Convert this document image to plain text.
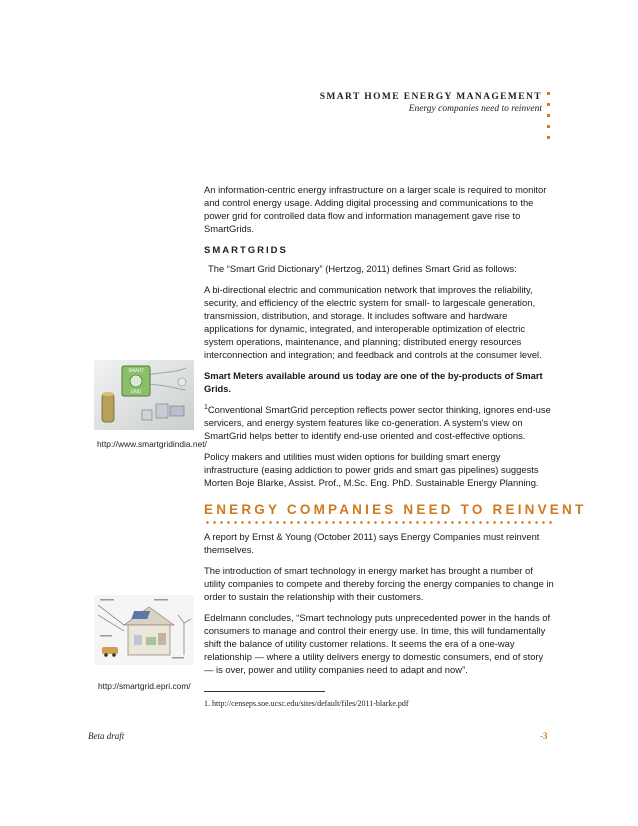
SMART HOME ENERGY MANAGEMENT
Energy companies need to reinvent

An information-centric energy infrastructure on a larger scale is required to monitor and control energy usage. Adding digital processing and communications to the power grid for controlled data flow and information management gave rise to SmartGrids.

SMARTGRIDS

The “Smart Grid Dictionary” (Hertzog, 2011) defines Smart Grid as follows:

A bi-directional electric and communication network that improves the reliability, security, and efficiency of the electric system for small- to largescale generation, transmission, distribution, and storage. It includes software and hardware applications for dynamic, integrated, and interoperable optimization of electric system operations, maintenance, and planning; distributed energy resources interconnection and integration; and feedback and controls at the consumer level.

Smart Meters available around us today are one of the by-products of Smart Grids.

$^1$Conventional SmartGrid perception reflects power sector thinking, ignores end-use servicers, and energy system features like co-generation. A system's view on SmartGrid helps better to identify end-use oriented and cost-effective options.

Policy makers and utilities must widen options for building smart energy infrastructure (easing addiction to power grids and smart gas pipelines) suggests Morten Boje Blarke, Assist. Prof., M.Sc. Eng. PhD. Sustainable Energy Planning.

SMART
GRID
http://www.smartgridindia.net/
ENERGY COMPANIES NEED TO REINVENT

A report by Ernst & Young (October 2011) says Energy Companies must reinvent themselves.

The introduction of smart technology in energy market has brought a number of utility companies to compete and thereby forcing the energy companies to change in order to sustain the relationship with their customers.

Edelmann concludes, “Smart technology puts unprecedented power in the hands of consumers to manage and control their energy use. In time, this will fundamentally shift the balance of utility customer relations. It seems the era of a one-way relationship — where a utility delivers energy to domestic consumers, end of story — is over, power and utility companies need to adapt and now”.

http://smartgrid.epri.com/
1. http://censeps.soe.ucsc.edu/sites/default/files/2011-blarke.pdf
Beta draft	-3
